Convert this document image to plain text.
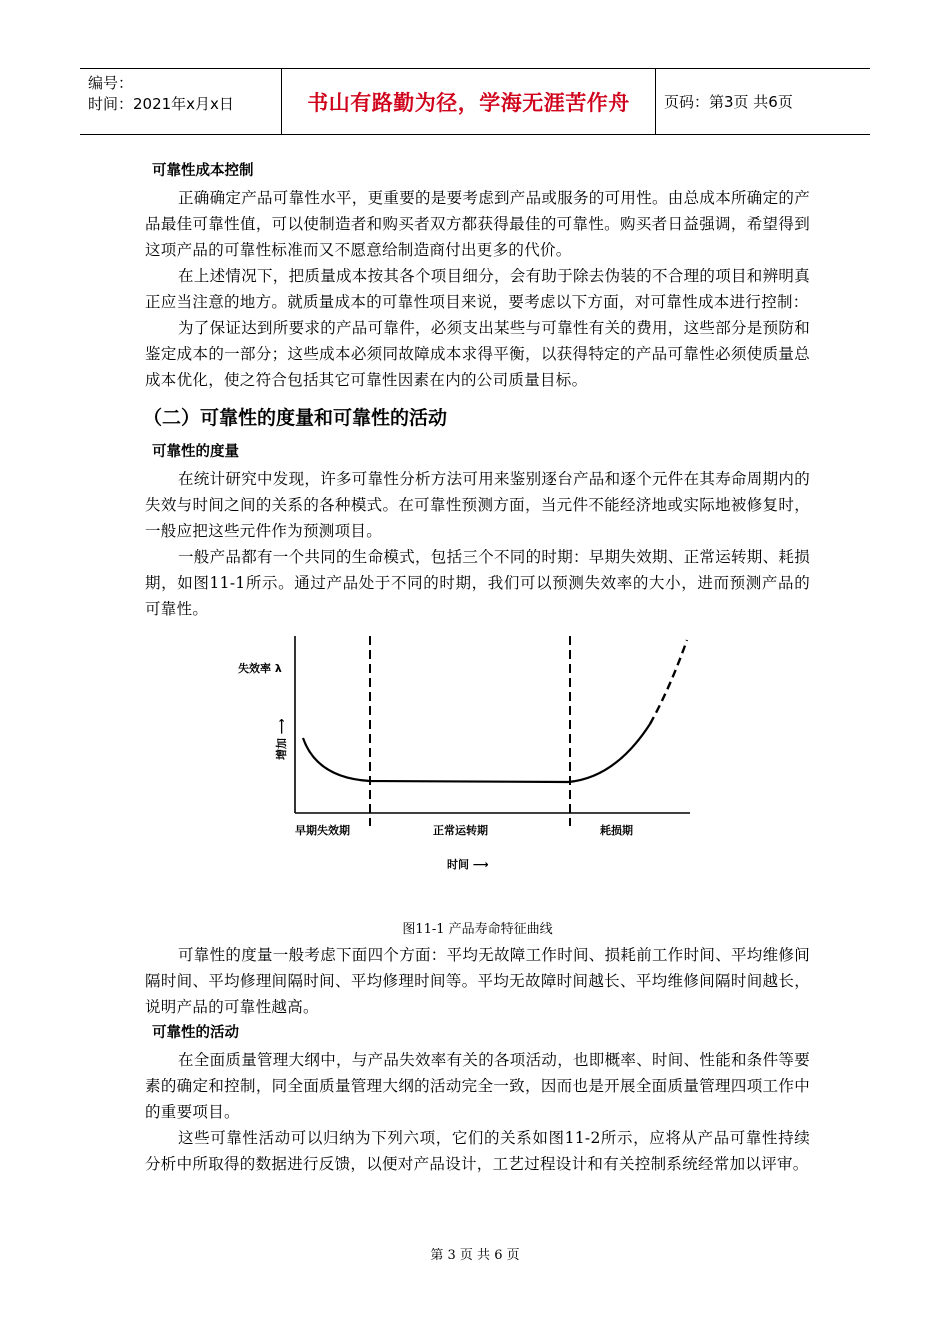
编号：
时间：2021年x月x日	书山有路勤为径，学海无涯苦作舟 页码：第3页 共6页
可靠性成本控制

正确确定产品可靠性水平，更重要的是要考虑到产品或服务的可用性。由总成本所确定的产品最佳可靠性值，可以使制造者和购买者双方都获得最佳的可靠性。购买者日益强调，希望得到这项产品的可靠性标准而又不愿意给制造商付出更多的代价。

在上述情况下，把质量成本按其各个项目细分，会有助于除去伪装的不合理的项目和辨明真正应当注意的地方。就质量成本的可靠性项目来说，要考虑以下方面，对可靠性成本进行控制：

为了保证达到所要求的产品可靠件，必须支出某些与可靠性有关的费用，这些部分是预防和鉴定成本的一部分；这些成本必须同故障成本求得平衡，以获得特定的产品可靠性必须使质量总成本优化，使之符合包括其它可靠性因素在内的公司质量目标。

（二）可靠性的度量和可靠性的活动
可靠性的度量

在统计研究中发现，许多可靠性分析方法可用来鉴别逐台产品和逐个元件在其寿命周期内的失效与时间之间的关系的各种模式。在可靠性预测方面，当元件不能经济地或实际地被修复时，一般应把这些元件作为预测项目。

一般产品都有一个共同的生命模式，包括三个不同的时期：早期失效期、正常运转期、耗损期，如图11-1所示。通过产品处于不同的时期，我们可以预测失效率的大小，进而预测产品的可靠性。

失效率 λ
增加 ⟶
早期失效期	正常运转期	耗损期
时间 ⟶
图11-1 产品寿命特征曲线

可靠性的度量一般考虑下面四个方面：平均无故障工作时间、损耗前工作时间、平均维修间隔时间、平均修理间隔时间、平均修理时间等。平均无故障时间越长、平均维修间隔时间越长，说明产品的可靠性越高。

可靠性的活动

在全面质量管理大纲中，与产品失效率有关的各项活动，也即概率、时间、性能和条件等要素的确定和控制，同全面质量管理大纲的活动完全一致，因而也是开展全面质量管理四项工作中的重要项目。

这些可靠性活动可以归纳为下列六项，它们的关系如图11-2所示，应将从产品可靠性持续分析中所取得的数据进行反馈，以便对产品设计，工艺过程设计和有关控制系统经常加以评审。

第 3 页 共 6 页
